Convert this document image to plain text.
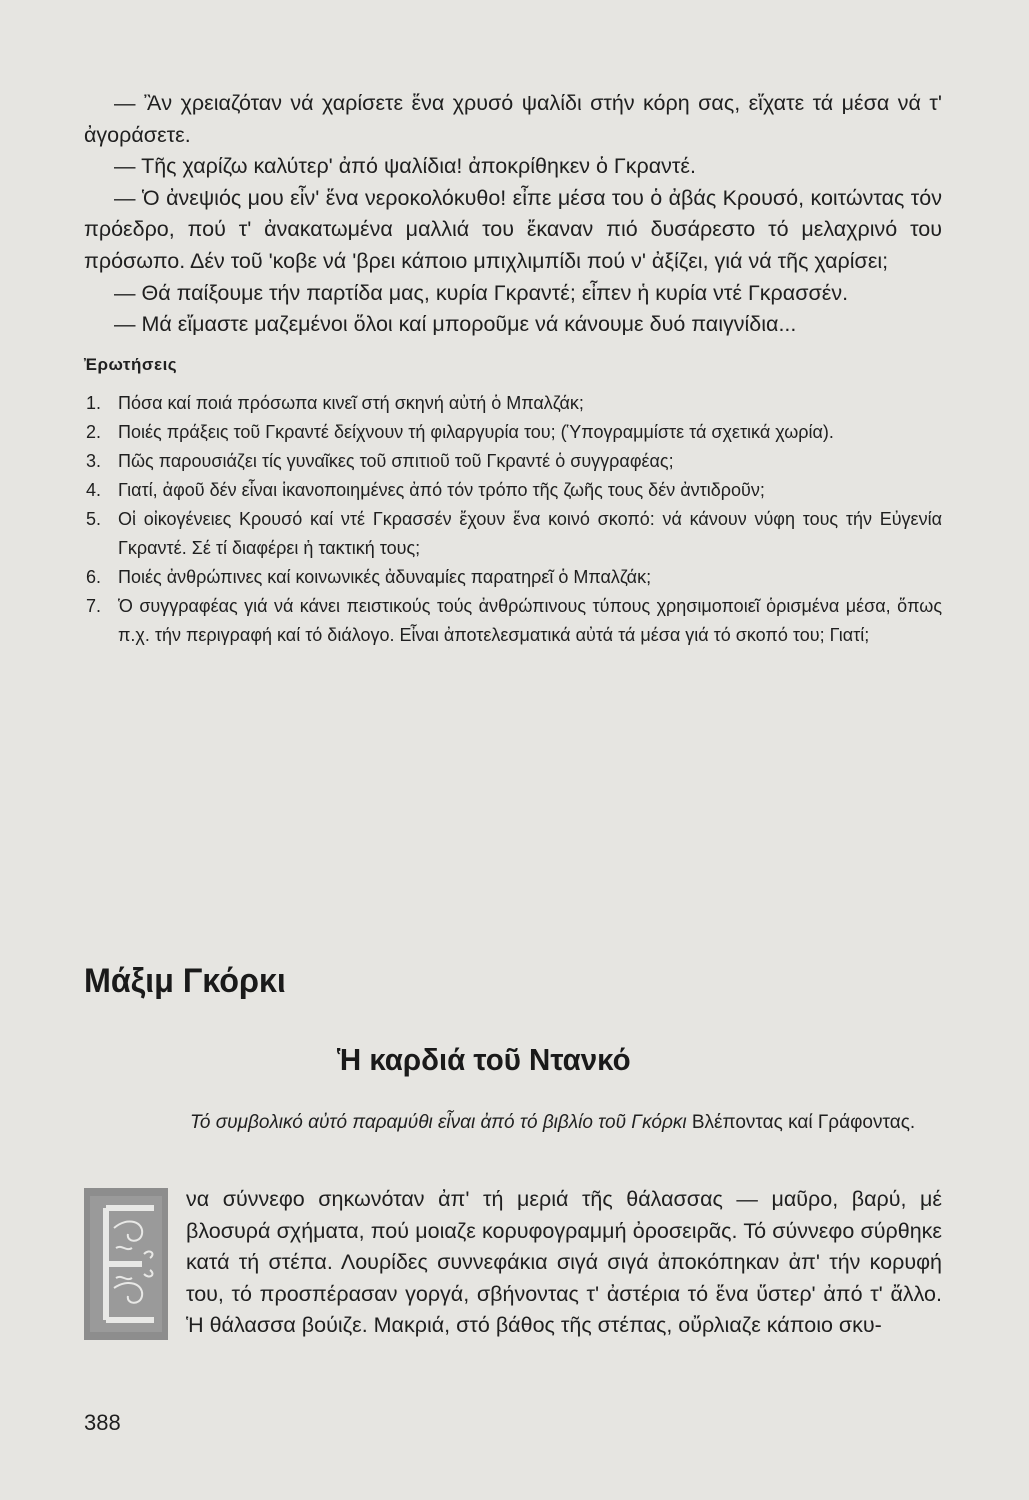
— Ἂν χρειαζόταν νά χαρίσετε ἕνα χρυσό ψαλίδι στήν κόρη σας, εἴχατε τά μέσα νά τ' ἀγοράσετε.

— Τῆς χαρίζω καλύτερ' ἀπό ψαλίδια! ἀποκρίθηκεν ὁ Γκραντέ.

— Ὁ ἀνεψιός μου εἶν' ἕνα νεροκολόκυθο! εἶπε μέσα του ὁ ἀβάς Κρουσό, κοιτώντας τόν πρόεδρο, πού τ' ἀνακατωμένα μαλλιά του ἔκαναν πιό δυσάρεστο τό μελαχρινό του πρόσωπο. Δέν τοῦ 'κοβε νά 'βρει κάποιο μπιχλιμπίδι πού ν' ἀξίζει, γιά νά τῆς χαρίσει;

— Θά παίξουμε τήν παρτίδα μας, κυρία Γκραντέ; εἶπεν ἡ κυρία ντέ Γκρασσέν.

— Μά εἴμαστε μαζεμένοι ὅλοι καί μποροῦμε νά κάνουμε δυό παιγνίδια...

Ἐρωτήσεις
1. Πόσα καί ποιά πρόσωπα κινεῖ στή σκηνή αὐτή ὁ Μπαλζάκ;
2. Ποιές πράξεις τοῦ Γκραντέ δείχνουν τή φιλαργυρία του; (Ὑπογραμμίστε τά σχετικά χωρία).
3. Πῶς παρουσιάζει τίς γυναῖκες τοῦ σπιτιοῦ τοῦ Γκραντέ ὁ συγγραφέας;
4. Γιατί, ἀφοῦ δέν εἶναι ἱκανοποιημένες ἀπό τόν τρόπο τῆς ζωῆς τους δέν ἀντιδροῦν;
5. Οἱ οἰκογένειες Κρουσό καί ντέ Γκρασσέν ἔχουν ἕνα κοινό σκοπό: νά κάνουν νύφη τους τήν Εὐγενία Γκραντέ. Σέ τί διαφέρει ἡ τακτική τους;
6. Ποιές ἀνθρώπινες καί κοινωνικές ἀδυναμίες παρατηρεῖ ὁ Μπαλζάκ;
7. Ὁ συγγραφέας γιά νά κάνει πειστικούς τούς ἀνθρώπινους τύπους χρησιμοποιεῖ ὁρισμένα μέσα, ὅπως π.χ. τήν περιγραφή καί τό διάλογο. Εἶναι ἀποτελεσματικά αὐτά τά μέσα γιά τό σκοπό του; Γιατί;
Μάξιμ Γκόρκι
Ἡ καρδιά τοῦ Ντανκό

Τό συμβολικό αὐτό παραμύθι εἶναι ἀπό τό βιβλίο τοῦ Γκόρκι Βλέποντας καί Γράφοντας.

να σύννεφο σηκωνόταν ἀπ' τή μεριά τῆς θάλασσας — μαῦρο, βαρύ, μέ βλοσυρά σχήματα, πού μοιαζε κορυφογραμμή ὀροσειρᾶς. Τό σύννεφο σύρθηκε κατά τή στέπα. Λουρίδες συννεφάκια σιγά σιγά ἀποκόπηκαν ἀπ' τήν κορυφή του, τό προσπέρασαν γοργά, σβήνοντας τ' ἀστέρια τό ἕνα ὕστερ' ἀπό τ' ἄλλο. Ἡ θάλασσα βούιζε. Μακριά, στό βάθος τῆς στέπας, οὔρλιαζε κάποιο σκυ-

388
